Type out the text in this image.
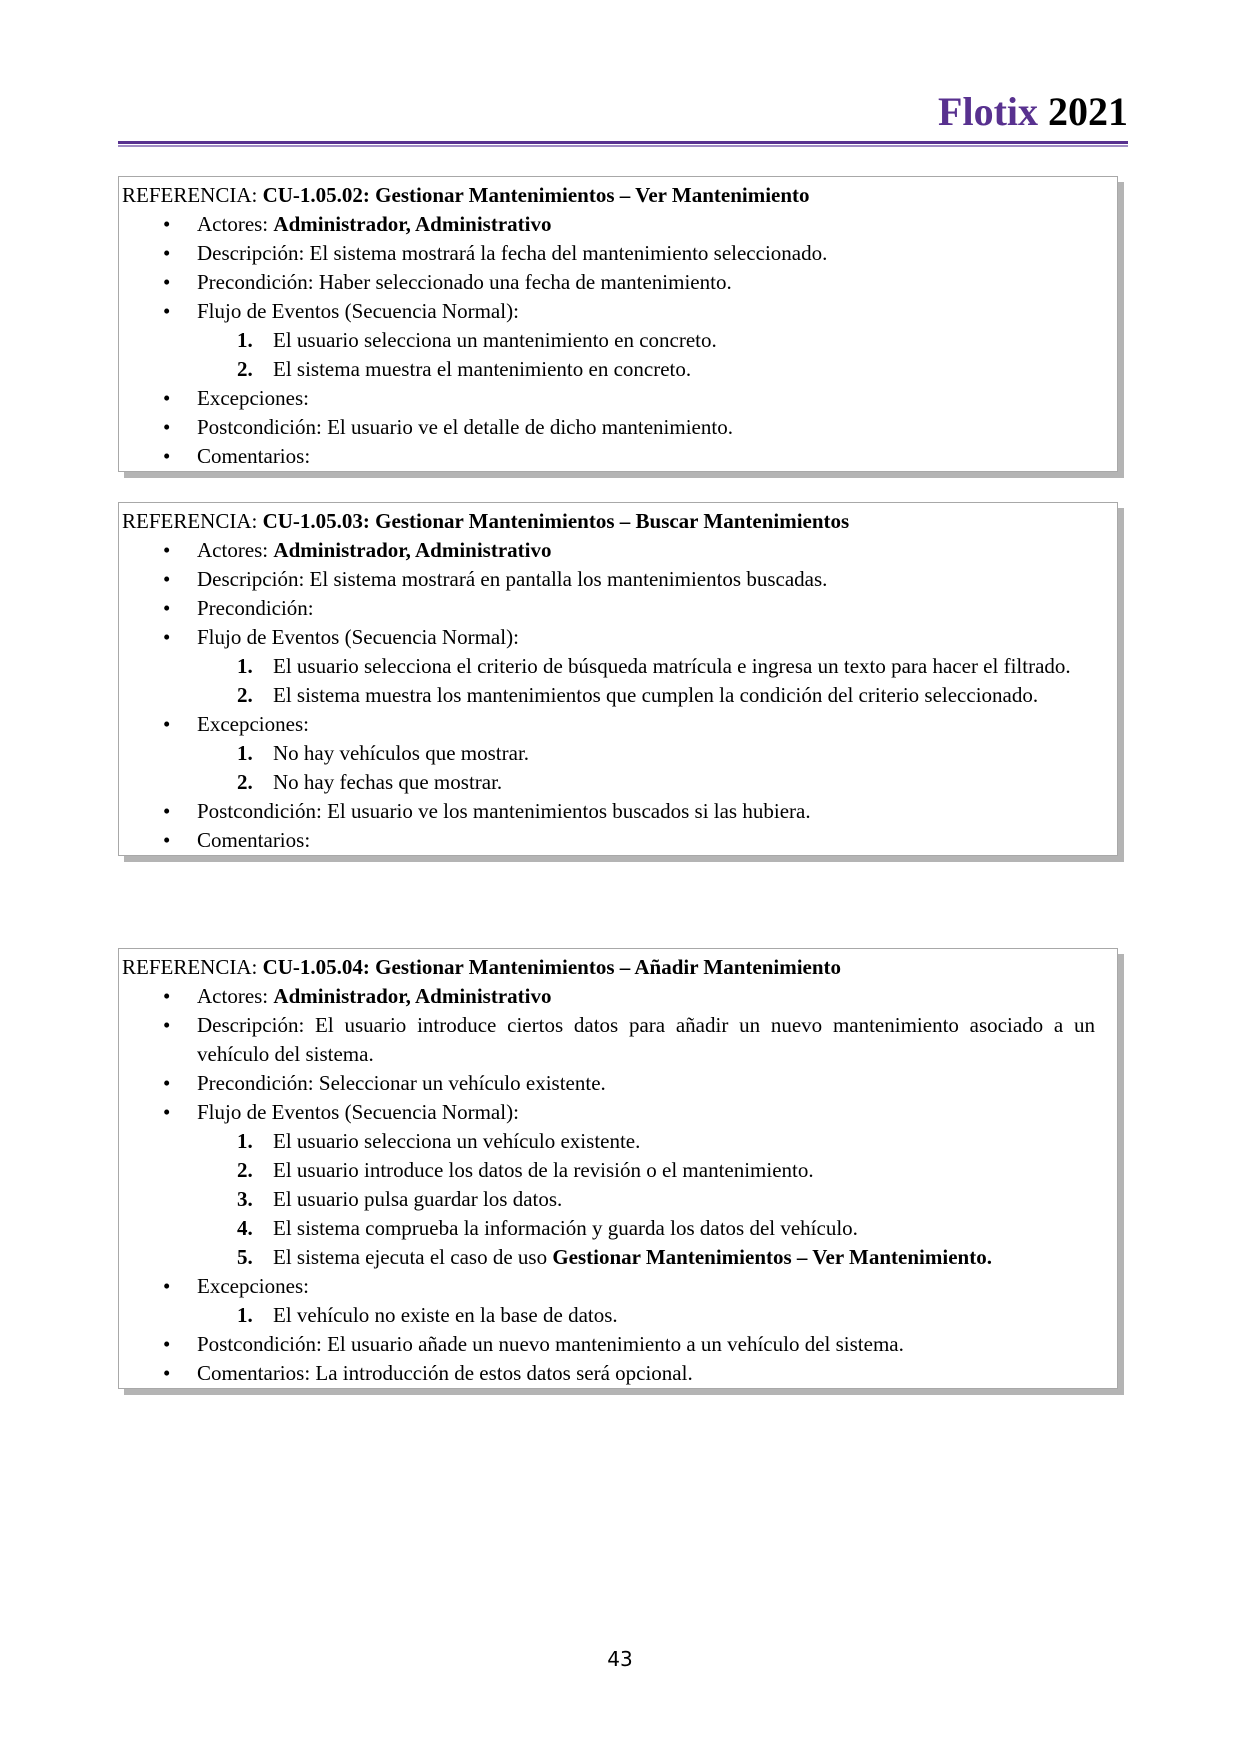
Flotix 2021
REFERENCIA: CU-1.05.02: Gestionar Mantenimientos – Ver Mantenimiento
• Actores: Administrador, Administrativo
• Descripción: El sistema mostrará la fecha del mantenimiento seleccionado.
• Precondición: Haber seleccionado una fecha de mantenimiento.
• Flujo de Eventos (Secuencia Normal):
1. El usuario selecciona un mantenimiento en concreto.
2. El sistema muestra el mantenimiento en concreto.
• Excepciones:
• Postcondición: El usuario ve el detalle de dicho mantenimiento.
• Comentarios:
REFERENCIA: CU-1.05.03: Gestionar Mantenimientos – Buscar Mantenimientos
• Actores: Administrador, Administrativo
• Descripción: El sistema mostrará en pantalla los mantenimientos buscadas.
• Precondición:
• Flujo de Eventos (Secuencia Normal):
1. El usuario selecciona el criterio de búsqueda matrícula e ingresa un texto para hacer el filtrado.
2. El sistema muestra los mantenimientos que cumplen la condición del criterio seleccionado.
• Excepciones:
1. No hay vehículos que mostrar.
2. No hay fechas que mostrar.
• Postcondición: El usuario ve los mantenimientos buscados si las hubiera.
• Comentarios:
REFERENCIA: CU-1.05.04: Gestionar Mantenimientos – Añadir Mantenimiento
• Actores: Administrador, Administrativo
• Descripción: El usuario introduce ciertos datos para añadir un nuevo mantenimiento asociado a un vehículo del sistema.
• Precondición: Seleccionar un vehículo existente.
• Flujo de Eventos (Secuencia Normal):
1. El usuario selecciona un vehículo existente.
2. El usuario introduce los datos de la revisión o el mantenimiento.
3. El usuario pulsa guardar los datos.
4. El sistema comprueba la información y guarda los datos del vehículo.
5. El sistema ejecuta el caso de uso Gestionar Mantenimientos – Ver Mantenimiento.
• Excepciones:
1. El vehículo no existe en la base de datos.
• Postcondición: El usuario añade un nuevo mantenimiento a un vehículo del sistema.
• Comentarios: La introducción de estos datos será opcional.
43
